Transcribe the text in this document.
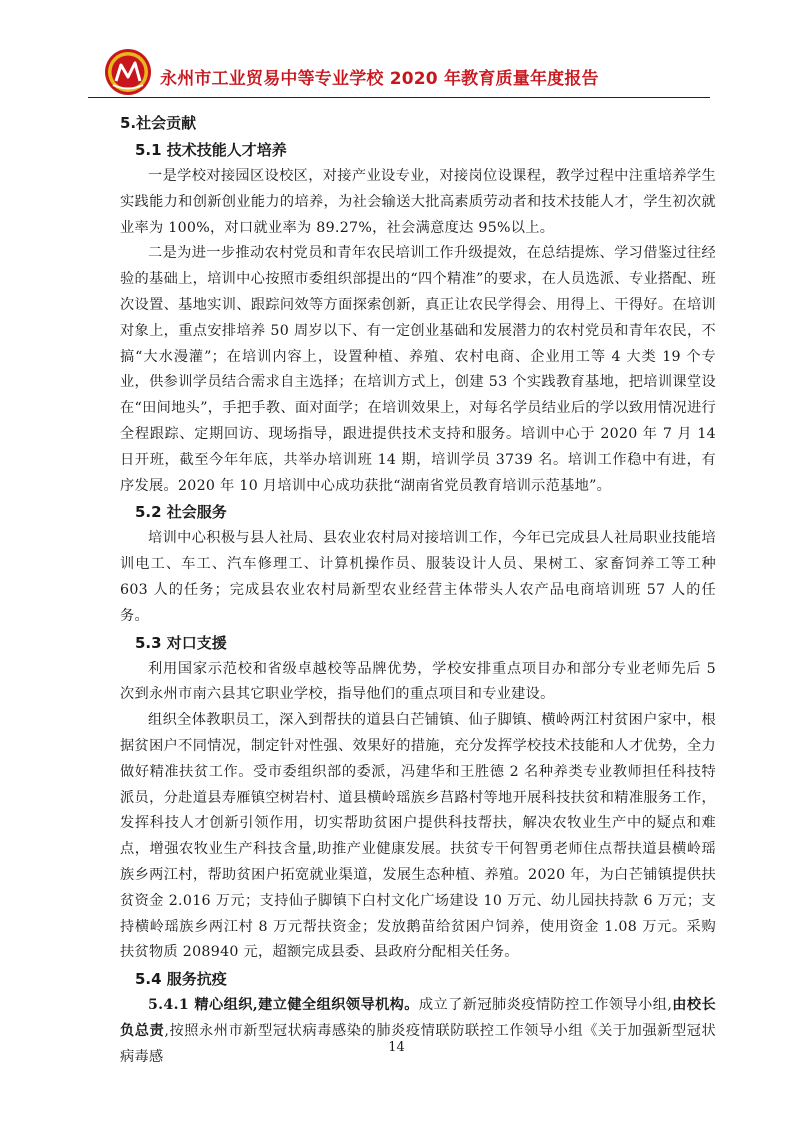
永州市工业贸易中等专业学校 2020 年教育质量年度报告

5.社会贡献

5.1 技术技能人才培养

一是学校对接园区设校区，对接产业设专业，对接岗位设课程，教学过程中注重培养学生实践能力和创新创业能力的培养，为社会输送大批高素质劳动者和技术技能人才，学生初次就业率为 100%，对口就业率为 89.27%，社会满意度达 95%以上。

二是为进一步推动农村党员和青年农民培训工作升级提效，在总结提炼、学习借鉴过往经验的基础上，培训中心按照市委组织部提出的“四个精准”的要求，在人员选派、专业搭配、班次设置、基地实训、跟踪问效等方面探索创新，真正让农民学得会、用得上、干得好。在培训对象上，重点安排培养 50 周岁以下、有一定创业基础和发展潜力的农村党员和青年农民，不搞“大水漫灌”；在培训内容上，设置种植、养殖、农村电商、企业用工等 4 大类 19 个专业，供参训学员结合需求自主选择；在培训方式上，创建 53 个实践教育基地，把培训课堂设在“田间地头”，手把手教、面对面学；在培训效果上，对每名学员结业后的学以致用情况进行全程跟踪、定期回访、现场指导，跟进提供技术支持和服务。培训中心于 2020 年 7 月 14 日开班，截至今年年底，共举办培训班 14 期，培训学员 3739 名。培训工作稳中有进，有序发展。2020 年 10 月培训中心成功获批“湖南省党员教育培训示范基地”。

5.2 社会服务

培训中心积极与县人社局、县农业农村局对接培训工作，今年已完成县人社局职业技能培训电工、车工、汽车修理工、计算机操作员、服装设计人员、果树工、家畜饲养工等工种 603 人的任务；完成县农业农村局新型农业经营主体带头人农产品电商培训班 57 人的任务。

5.3 对口支援

利用国家示范校和省级卓越校等品牌优势，学校安排重点项目办和部分专业老师先后 5 次到永州市南六县其它职业学校，指导他们的重点项目和专业建设。

组织全体教职员工，深入到帮扶的道县白芒铺镇、仙子脚镇、横岭两江村贫困户家中，根据贫困户不同情况，制定针对性强、效果好的措施，充分发挥学校技术技能和人才优势，全力做好精准扶贫工作。受市委组织部的委派，冯建华和王胜德 2 名种养类专业教师担任科技特派员，分赴道县寿雁镇空树岩村、道县横岭瑶族乡莒路村等地开展科技扶贫和精准服务工作，发挥科技人才创新引领作用，切实帮助贫困户提供科技帮扶，解决农牧业生产中的疑点和难点，增强农牧业生产科技含量,助推产业健康发展。扶贫专干何智勇老师住点帮扶道县横岭瑶族乡两江村，帮助贫困户拓宽就业渠道，发展生态种植、养殖。2020 年，为白芒铺镇提供扶贫资金 2.016 万元；支持仙子脚镇下白村文化广场建设 10 万元、幼儿园扶持款 6 万元；支持横岭瑶族乡两江村 8 万元帮扶资金；发放鹅苗给贫困户饲养，使用资金 1.08 万元。采购扶贫物质 208940 元，超额完成县委、县政府分配相关任务。

5.4 服务抗疫

5.4.1 精心组织,建立健全组织领导机构。成立了新冠肺炎疫情防控工作领导小组,由校长负总责,按照永州市新型冠状病毒感染的肺炎疫情联防联控工作领导小组《关于加强新型冠状病毒感

14
